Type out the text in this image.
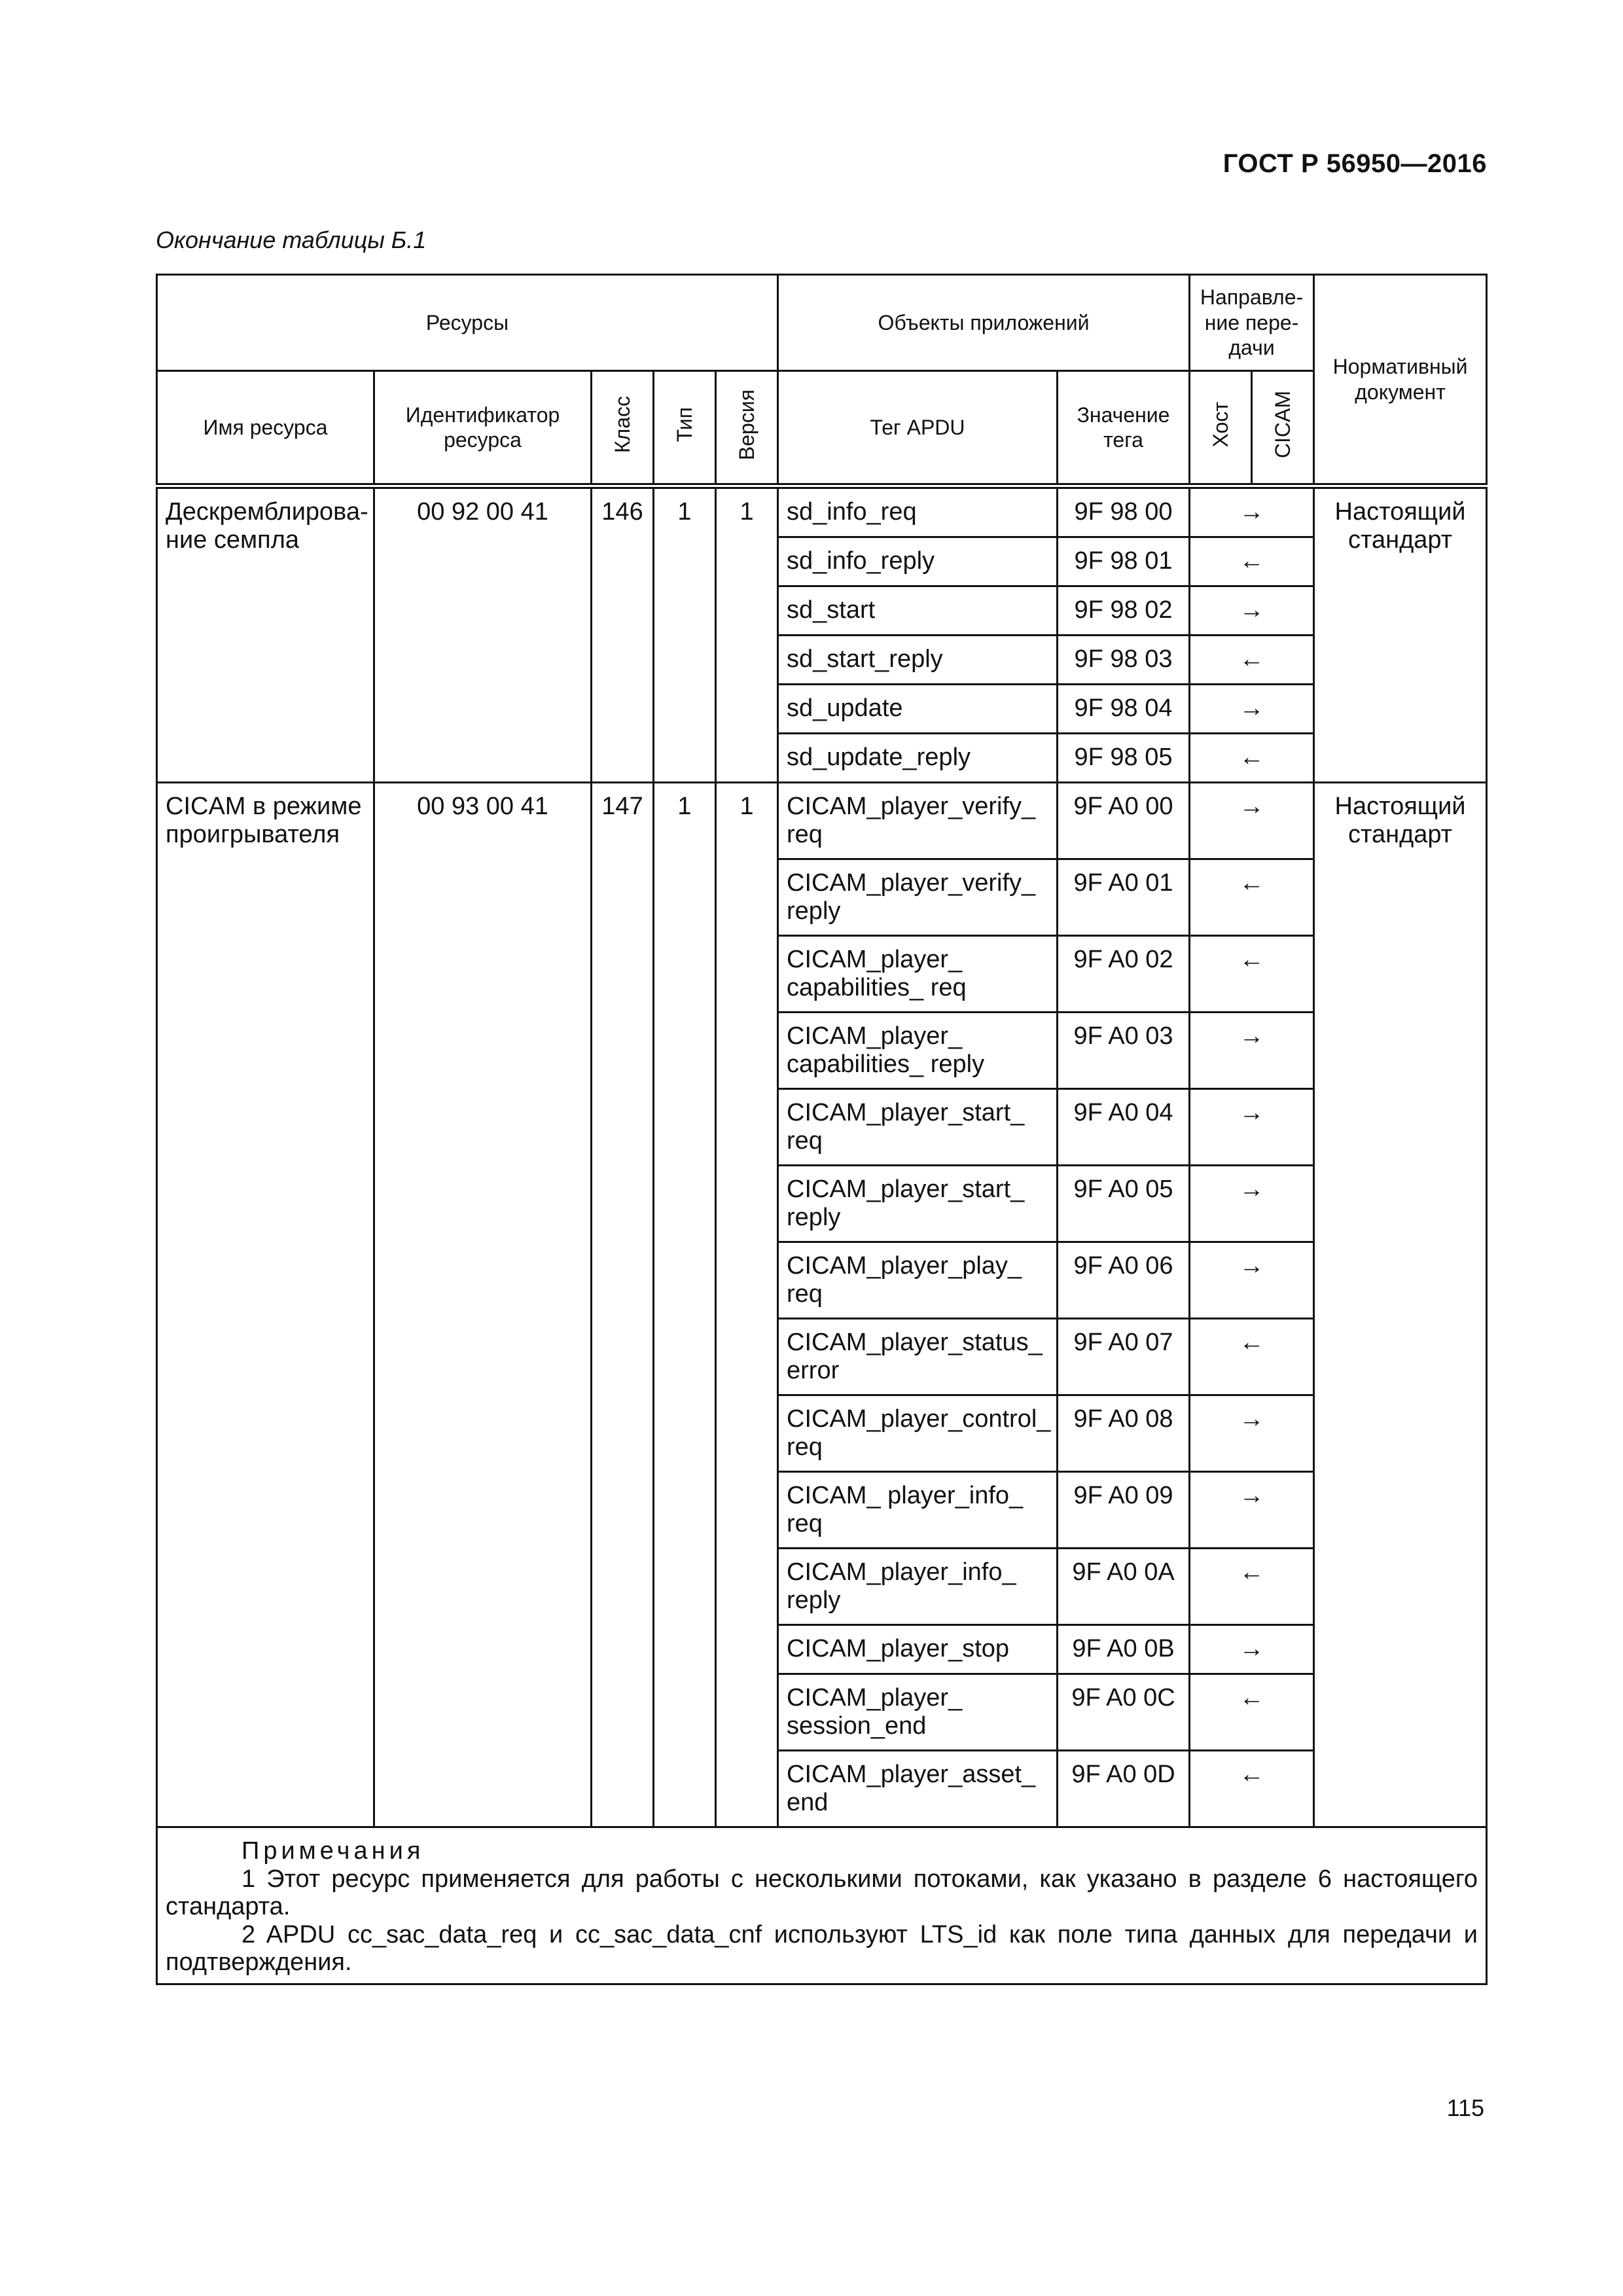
ГОСТ Р 56950—2016
Окончание таблицы Б.1
Ресурсы					Объекты приложений		Направле-ние пере-дачи		Нормативный документ
Имя ресурса	Идентификатор ресурса	Класс	Тип	Версия	Тег APDU	Значение тега	Хост	CICAM	
Дескремблирова-ние семпла	00 92 00 41	146	1	1	sd_info_req	9F 98 00	→		Настоящий стандарт
					sd_info_reply	9F 98 01	←		
					sd_start	9F 98 02	→		
					sd_start_reply	9F 98 03	←		
					sd_update	9F 98 04	→		
					sd_update_reply	9F 98 05	←		
CICAM в режиме проигрывателя	00 93 00 41	147	1	1	CICAM_player_verify_ req	9F A0 00	→		Настоящий стандарт
					CICAM_player_verify_ reply	9F A0 01	←		
					CICAM_player_ capabilities_ req	9F A0 02	←		
					CICAM_player_ capabilities_ reply	9F A0 03	→		
					CICAM_player_start_ req	9F A0 04	→		
					CICAM_player_start_ reply	9F A0 05	→		
					CICAM_player_play_ req	9F A0 06	→		
					CICAM_player_status_ error	9F A0 07	←		
					CICAM_player_control_ req	9F A0 08	→		
					CICAM_ player_info_ req	9F A0 09	→		
					CICAM_player_info_ reply	9F A0 0A	←		
					CICAM_player_stop	9F A0 0B	→		
					CICAM_player_ session_end	9F A0 0C	←		
					CICAM_player_asset_ end	9F A0 0D	←		

Примечания

1 Этот ресурс применяется для работы с несколькими потоками, как указано в разделе 6 настоящего стандарта.

2 APDU cc_sac_data_req и cc_sac_data_cnf используют LTS_id как поле типа данных для передачи и подтверждения.									

115
